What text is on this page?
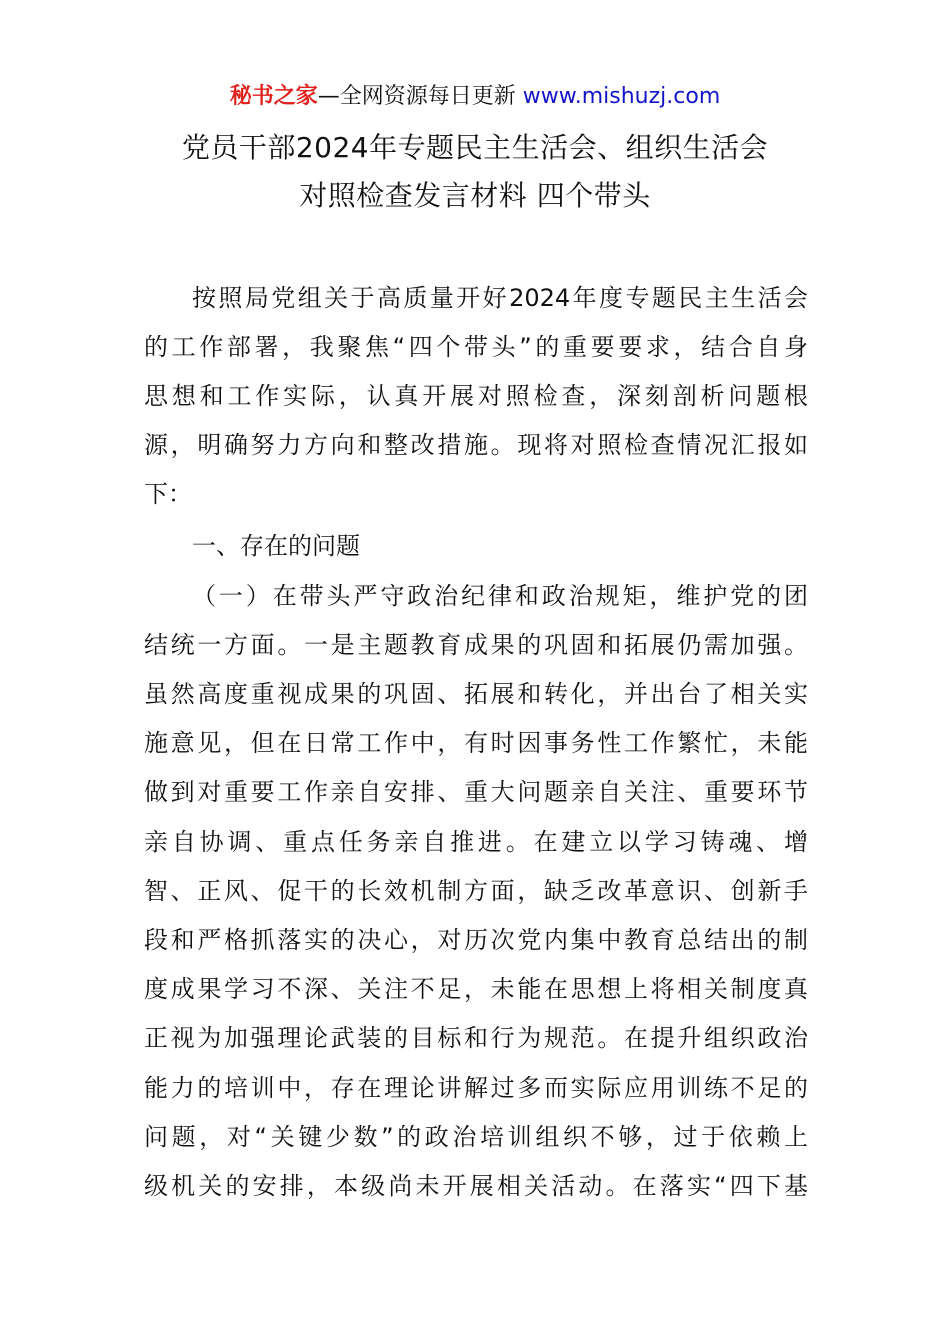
秘书之家—全网资源每日更新 www.mishuzj.com
党员干部2024年专题民主生活会、组织生活会
对照检查发言材料 四个带头
按照局党组关于高质量开好2024年度专题民主生活会
的工作部署，我聚焦“四个带头”的重要要求，结合自身
思想和工作实际，认真开展对照检查，深刻剖析问题根
源，明确努力方向和整改措施。现将对照检查情况汇报如
下：
一、存在的问题
（一）在带头严守政治纪律和政治规矩，维护党的团
结统一方面。一是主题教育成果的巩固和拓展仍需加强。
虽然高度重视成果的巩固、拓展和转化，并出台了相关实
施意见，但在日常工作中，有时因事务性工作繁忙，未能
做到对重要工作亲自安排、重大问题亲自关注、重要环节
亲自协调、重点任务亲自推进。在建立以学习铸魂、增
智、正风、促干的长效机制方面，缺乏改革意识、创新手
段和严格抓落实的决心，对历次党内集中教育总结出的制
度成果学习不深、关注不足，未能在思想上将相关制度真
正视为加强理论武装的目标和行为规范。在提升组织政治
能力的培训中，存在理论讲解过多而实际应用训练不足的
问题，对“关键少数”的政治培训组织不够，过于依赖上
级机关的安排，本级尚未开展相关活动。在落实“四下基
